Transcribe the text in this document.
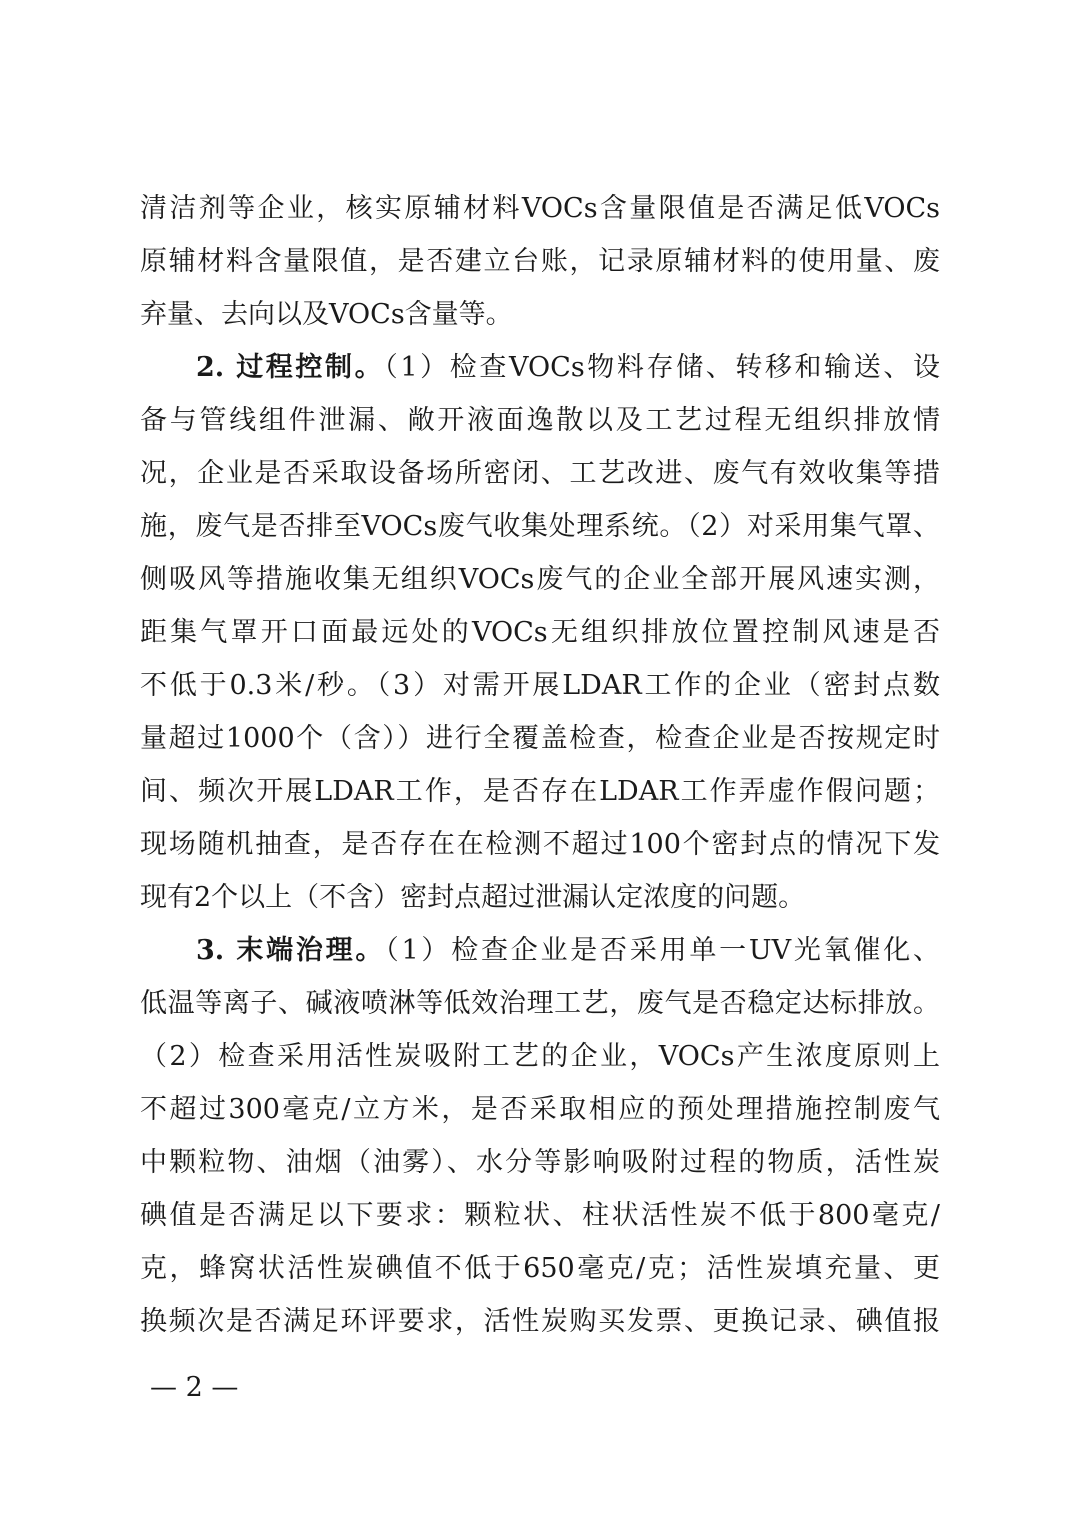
清洁剂等企业，核实原辅材料VOCs含量限值是否满足低VOCs
原辅材料含量限值，是否建立台账，记录原辅材料的使用量、废
弃量、去向以及VOCs含量等。
2. 过程控制。（1）检查VOCs物料存储、转移和输送、设
备与管线组件泄漏、敞开液面逸散以及工艺过程无组织排放情
况，企业是否采取设备场所密闭、工艺改进、废气有效收集等措
施，废气是否排至VOCs废气收集处理系统。（2）对采用集气罩、
侧吸风等措施收集无组织VOCs废气的企业全部开展风速实测，
距集气罩开口面最远处的VOCs无组织排放位置控制风速是否
不低于0.3米/秒。（3）对需开展LDAR工作的企业（密封点数
量超过1000个（含））进行全覆盖检查，检查企业是否按规定时
间、频次开展LDAR工作，是否存在LDAR工作弄虚作假问题；
现场随机抽查，是否存在在检测不超过100个密封点的情况下发
现有2个以上（不含）密封点超过泄漏认定浓度的问题。
3. 末端治理。（1）检查企业是否采用单一UV光氧催化、
低温等离子、碱液喷淋等低效治理工艺，废气是否稳定达标排放。
（2）检查采用活性炭吸附工艺的企业，VOCs产生浓度原则上
不超过300毫克/立方米，是否采取相应的预处理措施控制废气
中颗粒物、油烟（油雾）、水分等影响吸附过程的物质，活性炭
碘值是否满足以下要求：颗粒状、柱状活性炭不低于800毫克/
克，蜂窝状活性炭碘值不低于650毫克/克；活性炭填充量、更
换频次是否满足环评要求，活性炭购买发票、更换记录、碘值报
— 2 —
